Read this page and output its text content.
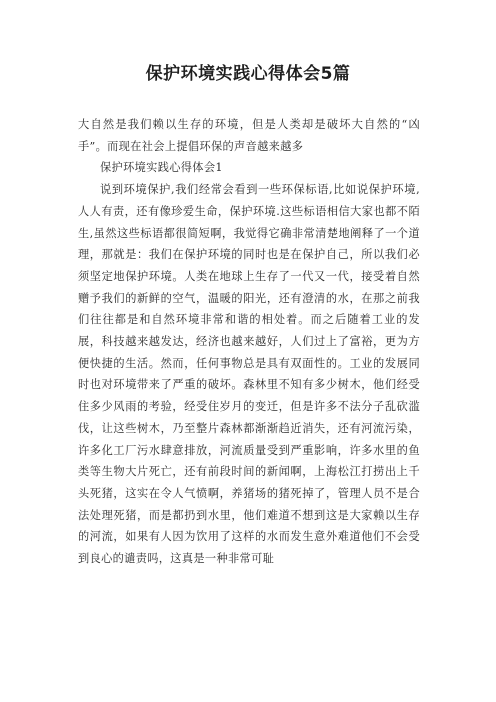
保护环境实践心得体会5篇

大自然是我们赖以生存的环境，但是人类却是破坏大自然的“凶手”。而现在社会上提倡环保的声音越来越多

保护环境实践心得体会1

说到环境保护,我们经常会看到一些环保标语,比如说保护环境,人人有责，还有像珍爱生命，保护环境.这些标语相信大家也都不陌生,虽然这些标语都很简短啊，我觉得它确非常清楚地阐释了一个道理，那就是：我们在保护环境的同时也是在保护自己，所以我们必须坚定地保护环境。人类在地球上生存了一代又一代，接受着自然赠予我们的新鲜的空气，温暖的阳光，还有澄清的水，在那之前我们往往都是和自然环境非常和谐的相处着。而之后随着工业的发展，科技越来越发达，经济也越来越好，人们过上了富裕，更为方便快捷的生活。然而，任何事物总是具有双面性的。工业的发展同时也对环境带来了严重的破坏。森林里不知有多少树木，他们经受住多少风雨的考验，经受住岁月的变迁，但是许多不法分子乱砍滥伐，让这些树木，乃至整片森林都渐渐趋近消失，还有河流污染，许多化工厂污水肆意排放，河流质量受到严重影响，许多水里的鱼类等生物大片死亡，还有前段时间的新闻啊，上海松江打捞出上千头死猪，这实在令人气愤啊，养猪场的猪死掉了，管理人员不是合法处理死猪，而是都扔到水里，他们难道不想到这是大家赖以生存的河流，如果有人因为饮用了这样的水而发生意外难道他们不会受到良心的谴责吗，这真是一种非常可耻
